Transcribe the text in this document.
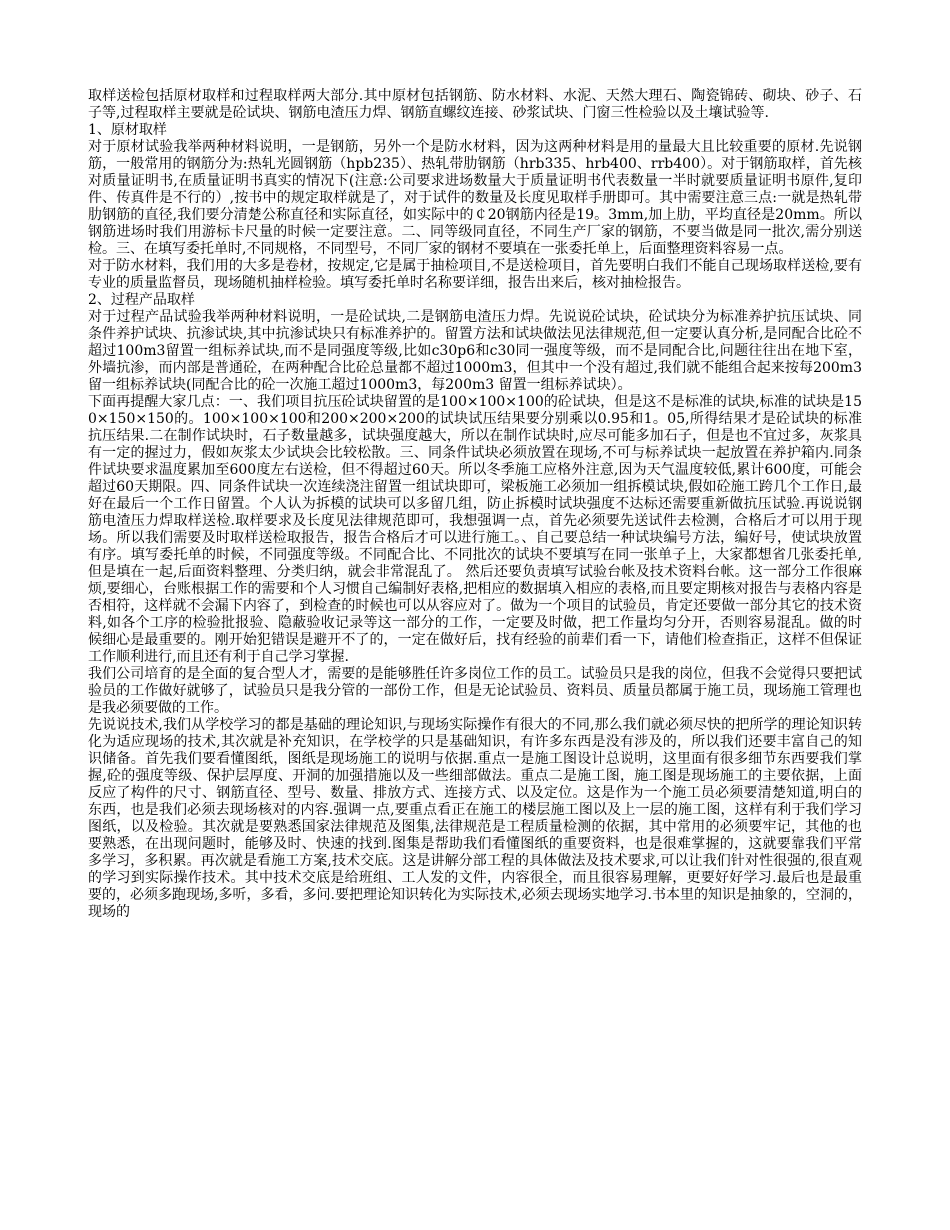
取样送检包括原材取样和过程取样两大部分.其中原材包括钢筋、防水材料、水泥、天然大理石、陶瓷锦砖、砌块、砂子、石子等,过程取样主要就是砼试块、钢筋电渣压力焊、钢筋直螺纹连接、砂浆试块、门窗三性检验以及土壤试验等.

1、原材取样

对于原材试验我举两种材料说明，一是钢筋，另外一个是防水材料，因为这两种材料是用的量最大且比较重要的原材.先说钢筋，一般常用的钢筋分为:热轧光圆钢筋（hpb235）、热轧带肋钢筋（hrb335、hrb400、rrb400）。对于钢筋取样，首先核对质量证明书,在质量证明书真实的情况下(注意:公司要求进场数量大于质量证明书代表数量一半时就要质量证明书原件,复印件、传真件是不行的）,按书中的规定取样就是了，对于试件的数量及长度见取样手册即可。其中需要注意三点:一就是热轧带肋钢筋的直径,我们要分清楚公称直径和实际直径，如实际中的￠20钢筋内径是19。3mm,加上肋，平均直径是20mm。所以钢筋进场时我们用游标卡尺量的时候一定要注意。二、同等级同直径，不同生产厂家的钢筋，不要当做是同一批次,需分别送检。三、在填写委托单时,不同规格，不同型号，不同厂家的钢材不要填在一张委托单上，后面整理资料容易一点。

对于防水材料，我们用的大多是卷材，按规定,它是属于抽检项目,不是送检项目，首先要明白我们不能自己现场取样送检,要有专业的质量监督员，现场随机抽样检验。填写委托单时名称要详细，报告出来后，核对抽检报告。

2、过程产品取样

对于过程产品试验我举两种材料说明，一是砼试块,二是钢筋电渣压力焊。先说说砼试块，砼试块分为标准养护抗压试块、同条件养护试块、抗渗试块,其中抗渗试块只有标准养护的。留置方法和试块做法见法律规范,但一定要认真分析,是同配合比砼不超过100m3留置一组标养试块,而不是同强度等级,比如c30p6和c30同一强度等级，而不是同配合比,问题往往出在地下室，外墙抗渗，而内部是普通砼，在两种配合比砼总量都不超过1000m3，但其中一个没有超过,我们就不能组合起来按每200m3留一组标养试块(同配合比的砼一次施工超过1000m3，每200m3 留置一组标养试块）。

下面再提醒大家几点：一、我们项目抗压砼试块留置的是100×100×100的砼试块，但是这不是标准的试块,标准的试块是150×150×150的。100×100×100和200×200×200的试块试压结果要分别乘以0.95和1。05,所得结果才是砼试块的标准抗压结果.二在制作试块时，石子数量越多，试块强度越大，所以在制作试块时,应尽可能多加石子，但是也不宜过多，灰浆具有一定的握过力，假如灰浆太少试块会比较松散。三、同条件试块必须放置在现场,不可与标养试块一起放置在养护箱内.同条件试块要求温度累加至600度左右送检，但不得超过60天。所以冬季施工应格外注意,因为天气温度较低,累计600度，可能会超过60天期限。四、同条件试块一次连续浇注留置一组试块即可，梁板施工必须加一组拆模试块,假如砼施工跨几个工作日,最好在最后一个工作日留置。个人认为拆模的试块可以多留几组，防止拆模时试块强度不达标还需要重新做抗压试验.再说说钢筋电渣压力焊取样送检.取样要求及长度见法律规范即可，我想强调一点，首先必须要先送试件去检测，合格后才可以用于现场。所以我们需要及时取样送检取报告，报告合格后才可以进行施工。、自己要总结一种试块编号方法，编好号，使试块放置有序。填写委托单的时候，不同强度等级。不同配合比、不同批次的试块不要填写在同一张单子上，大家都想省几张委托单,但是填在一起,后面资料整理、分类归纳，就会非常混乱了。 然后还要负责填写试验台帐及技术资料台帐。这一部分工作很麻烦,要细心，台账根据工作的需要和个人习惯自己编制好表格,把相应的数据填入相应的表格,而且要定期核对报告与表格内容是否相符，这样就不会漏下内容了，到检查的时候也可以从容应对了。做为一个项目的试验员，肯定还要做一部分其它的技术资料,如各个工序的检验批报验、隐蔽验收记录等这一部分的工作，一定要及时做，把工作量均匀分开，否则容易混乱。做的时候细心是最重要的。刚开始犯错误是避开不了的，一定在做好后，找有经验的前辈们看一下，请他们检查指正，这样不但保证工作顺利进行,而且还有利于自己学习掌握.

我们公司培育的是全面的复合型人才，需要的是能够胜任许多岗位工作的员工。试验员只是我的岗位，但我不会觉得只要把试验员的工作做好就够了，试验员只是我分管的一部份工作，但是无论试验员、资料员、质量员都属于施工员，现场施工管理也是我必须要做的工作。

先说说技术,我们从学校学习的都是基础的理论知识,与现场实际操作有很大的不同,那么我们就必须尽快的把所学的理论知识转化为适应现场的技术,其次就是补充知识，在学校学的只是基础知识，有许多东西是没有涉及的，所以我们还要丰富自己的知识储备。首先我们要看懂图纸，图纸是现场施工的说明与依据.重点一是施工图设计总说明，这里面有很多细节东西要我们掌握,砼的强度等级、保护层厚度、开洞的加强措施以及一些细部做法。重点二是施工图，施工图是现场施工的主要依据，上面反应了构件的尺寸、钢筋直径、型号、数量、排放方式、连接方式、以及定位。这是作为一个施工员必须要清楚知道,明白的东西，也是我们必须去现场核对的内容.强调一点,要重点看正在施工的楼层施工图以及上一层的施工图，这样有利于我们学习图纸，以及检验。其次就是要熟悉国家法律规范及图集,法律规范是工程质量检测的依据，其中常用的必须要牢记，其他的也要熟悉，在出现问题时，能够及时、快速的找到.图集是帮助我们看懂图纸的重要资料，也是很难掌握的，这就要靠我们平常多学习，多积累。再次就是看施工方案,技术交底。这是讲解分部工程的具体做法及技术要求,可以让我们针对性很强的,很直观的学习到实际操作技术。其中技术交底是给班组、工人发的文件，内容很全，而且很容易理解，更要好好学习.最后也是最重要的，必须多跑现场,多听，多看，多问.要把理论知识转化为实际技术,必须去现场实地学习.书本里的知识是抽象的，空洞的，现场的
